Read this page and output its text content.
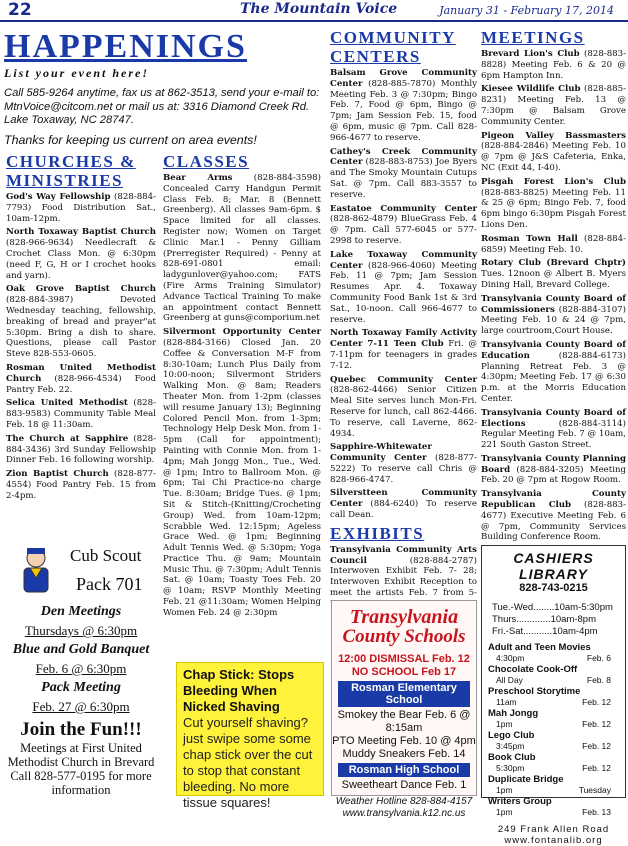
22	The Mountain Voice	January 31 - February 17, 2014
HAPPENINGS
List your event here!
Call 585-9264 anytime, fax us at 862-3513, send your e-mail to: MtnVoice@citcom.net or mail us at: 3316 Diamond Creek Rd. Lake Toxaway, NC 28747.
Thanks for keeping us current on area events!
CHURCHES & MINISTRIES
God's Way Fellowship (828-884-7793) Food Distribution Sat., 10am-12pm.
North Toxaway Baptist Church (828-966-9634) Needlecraft & Crochet Class Mon. @ 6:30pm (need F, G, H or I crochet hooks and yarn).
Oak Grove Baptist Church (828-884-3987) Devoted Wednesday teaching, fellowship, breaking of bread and prayer"at 5:30pm. Bring a dish to share. Questions, please call Pastor Steve 828-553-0605.
Rosman United Methodist Church (828-966-4534) Food Pantry Feb. 22.
Selica United Methodist (828-883-9583) Community Table Meal Feb. 18 @ 11:30am.
The Church at Sapphire (828-884-3436) 3rd Sunday Fellowship Dinner Feb. 16 following worship.
Zion Baptist Church (828-877-4554) Food Pantry Feb. 15 from 2-4pm.
CLASSES
Bear Arms (828-884-3598) Concealed Carry Handgun Permit Class Feb. 8; Mar. 8 (Bennett Greenberg). All classes 9am-6pm. $ Space limited for all classes. Register now; Women on Target Clinic Mar.1 - Penny Gilliam (Prerregister Required) - Penny at 828-691-0801 email: ladygunlover@yahoo.com; FATS (Fire Arms Training Simulator) Advance Tactical Training To make an appointment contact Bennett Greenberg at guns@comporium.net
Silvermont Opportunity Center (828-884-3166) Closed Jan. 20 Coffee & Conversation M-F from 8:30-10am; Lunch Plus Daily from 10:00-noon; Silvermont Striders Walking Mon. @ 8am; Readers Theater Mon. from 1-2pm (classes will resume January 13); Beginning Colored Pencil Mon. from 1-3pm; Technology Help Desk Mon. from 1-5pm (Call for appointment); Painting with Connie Mon. from 1-4pm; Mah Jongg Mon., Tue., Wed. @ 1pm; Intro to Ballroom Mon. @ 6pm; Tai Chi Practice-no charge Tue. 8:30am; Bridge Tues. @ 1pm; Sit & Stitch-(Knitting/Crocheting Group) Wed. from 10am-12pm; Scrabble Wed. 12:15pm; Ageless Grace Wed. @ 1pm; Beginning Adult Tennis Wed. @ 5:30pm; Yoga Practice Thu. @ 9am; Mountain Music Thu. @ 7:30pm; Adult Tennis Sat. @ 10am; Toasty Toes Feb. 20 @ 10am; RSVP Monthly Meeting Feb. 21 @11:30am; Women Helping Women Feb. 24 @ 2:30pm
COMMUNITY CENTERS
Balsam Grove Community Center (828-885-7870) Monthly Meeting Feb. 3 @ 7:30pm; Bingo Feb. 7, Food @ 6pm, Bingo @ 7pm; Jam Session Feb. 15, food @ 6pm, music @ 7pm. Call 828-966-4677 to reserve.
Cathey's Creek Community Center (828-883-8753) Joe Byers and The Smoky Mountain Cutups Sat. @ 7pm. Call 883-3557 to reserve.
Eastatoe Community Center (828-862-4879) BlueGrass Feb. 4 @ 7pm. Call 577-6045 or 577-2998 to reserve.
Lake Toxaway Community Center (828-966-4060) Meeting Feb. 11 @ 7pm; Jam Session Resumes Apr. 4. Toxaway Community Food Bank 1st & 3rd Sat., 10-noon. Call 966-4677 to reserve.
North Toxaway Family Activity Center 7-11 Teen Club Fri. @ 7-11pm for teenagers in grades 7-12.
Quebec Community Center (828-862-4466) Senior Citizen Meal Site serves lunch Mon-Fri. Reserve for lunch, call 862-4466. To reserve, call Laverne, 862-4934.
Sapphire-Whitewater Community Center (828-877-5222) To reserve call Chris @ 828-966-4747.
Silverstteen Community Center (884-6240) To reserve call Dean.
EXHIBITS
Transylvania Community Arts Council	(828-884-2787) Interwoven Exhibit Feb. 7- 28; Interwoven Exhibit Reception to meet the artists Feb. 7 from 5-
MEETINGS
Brevard Lion's Club (828-883-8828) Meeting Feb. 6 & 20 @ 6pm Hampton Inn.
Kiesee Wildlife Club (828-885-8231) Meeting Feb. 13 @ 7:30pm @ Balsam Grove Community Center.
Pigeon Valley Bassmasters (828-884-2846) Meeting Feb. 10 @ 7pm @ J&S Cafeteria, Enka, NC (Exit 44, I-40).
Pisgah Forest Lion's Club (828-883-8825) Meeting Feb. 11 & 25 @ 6pm; Bingo Feb. 7, food 6pm bingo 6:30pm Pisgah Forest Lions Den.
Rosman Town Hall (828-884-6859) Meeting Feb. 10.
Rotary Club (Brevard Chptr) Tues. 12noon @ Albert B. Myers Dining Hall, Brevard College.
Transylvania County Board of Commissioners (828-884-3107) Meeting Feb. 10 & 24 @ 7pm, large courtroom,Court House.
Transylvania County Board of Education (828-884-6173) Planning Retreat Feb. 3 @ 4:30pm; Meeting Feb. 17 @ 6:30 p.m. at the Morris Education Center.
Transylvania County Board of Elections (828-884-3114) Regular Meeting Feb. 7 @ 10am, 221 South Gaston Street.
Transylvania County Planning Board (828-884-3205) Meeting Feb. 20 @ 7pm at Rogow Room.
Transylvania County Republican Club (828-883-4677) Executive Meeting Feb. 6 @ 7pm, Community Services Building Conference Room.
Cub Scout
Pack 701
Den Meetings
Thursdays @ 6:30pm
Blue and Gold Banquet
Feb. 6 @ 6:30pm
Pack Meeting
Feb. 27 @ 6:30pm
Join the Fun!!!
Meetings at First United Methodist Church in Brevard Call 828-577-0195 for more information
Chap Stick: Stops Bleeding When Nicked Shaving
Cut yourself shaving? just swipe some some chap stick over the cut to stop that constant bleeding. No more tissue squares!
Transylvania
County Schools
12:00 DISMISSAL Feb. 12
NO SCHOOL Feb 17
Rosman Elementary School
Smokey the Bear Feb. 6 @ 8:15am
PTO Meeting Feb. 10 @ 4pm
Muddy Sneakers Feb. 14
Rosman High School
Sweetheart Dance Feb. 1
Weather Hotline 828-884-4157
www.transylvania.k12.nc.us
CASHIERS LIBRARY
828-743-0215
Tue.-Wed........10am-5:30pm
Thurs.............10am-8pm
Fri.-Sat...........10am-4pm
Adult and Teen Movies
4:30pm	Feb. 6
Chocolate Cook-Off
All Day	Feb. 8
Preschool Storytime
11am	Feb. 12
Mah Jongg
1pm	Feb. 12
Lego Club
3:45pm	Feb. 12
Book Club
5:30pm	Feb. 12
Duplicate Bridge
1pm	Tuesday
Writers Group
1pm	Feb. 13
249 Frank Allen Road
www.fontanalib.org
